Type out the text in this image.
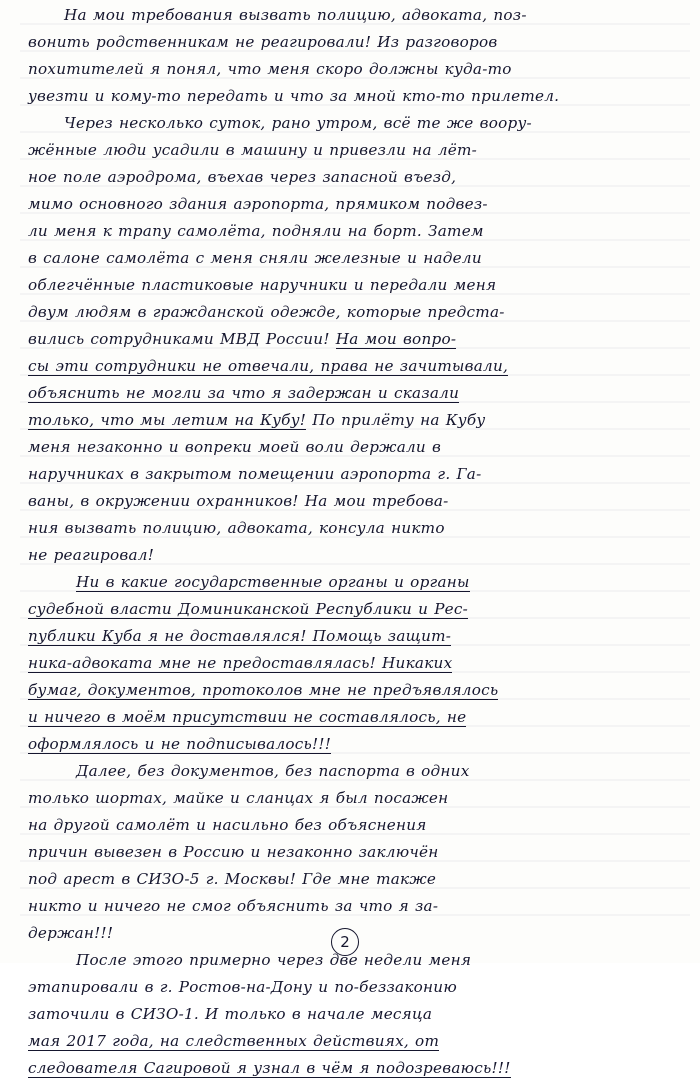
На мои требования вызвать полицию, адвоката, поз-
вонить родственникам не реагировали! Из разговоров
похитителей я понял, что меня скоро должны куда-то
увезти и кому-то передать и что за мной кто-то прилетел.
Через несколько суток, рано утром, всё те же воору-
жённые люди усадили в машину и привезли на лёт-
ное поле аэродрома, въехав через запасной въезд,
мимо основного здания аэропорта, прямиком подвез-
ли меня к трапу самолёта, подняли на борт. Затем
в салоне самолёта с меня сняли железные и надели
облегчённые пластиковые наручники и передали меня
двум людям в гражданской одежде, которые предста-
вились сотрудниками МВД России! На мои вопро-
сы эти сотрудники не отвечали, права не зачитывали,
объяснить не могли за что я задержан и сказали
только, что мы летим на Кубу! По прилёту на Кубу
меня незаконно и вопреки моей воли держали в
наручниках в закрытом помещении аэропорта г. Га-
ваны, в окружении охранников! На мои требова-
ния вызвать полицию, адвоката, консула никто
не реагировал!
Ни в какие государственные органы и органы
судебной власти Доминиканской Республики и Рес-
публики Куба я не доставлялся! Помощь защит-
ника-адвоката мне не предоставлялась! Никаких
бумаг, документов, протоколов мне не предъявлялось
и ничего в моём присутствии не составлялось, не
оформлялось и не подписывалось!!!
Далее, без документов, без паспорта в одних
только шортах, майке и сланцах я был посажен
на другой самолёт и насильно без объяснения
причин вывезен в Россию и незаконно заключён
под арест в СИЗО-5 г. Москвы! Где мне также
никто и ничего не смог объяснить за что я за-
держан!!!
После этого примерно через две недели меня
этапировали в г. Ростов-на-Дону и по-беззаконию
заточили в СИЗО-1. И только в начале месяца
мая 2017 года, на следственных действиях, от
следователя Сагировой я узнал в чём я подозреваюсь!!!
2
